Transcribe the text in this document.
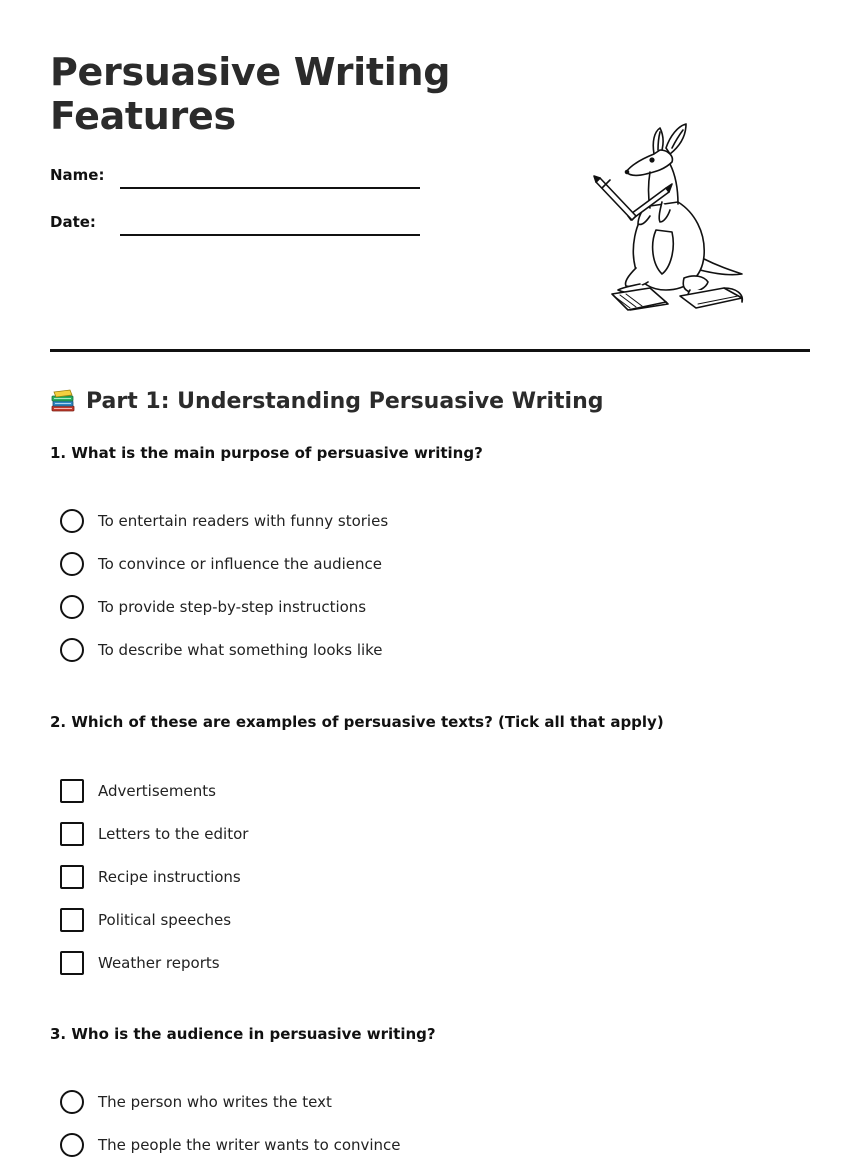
Persuasive Writing
Features
Name:
Date:
Part 1: Understanding Persuasive Writing

1. What is the main purpose of persuasive writing?

To entertain readers with funny stories
To convince or influence the audience
To provide step-by-step instructions
To describe what something looks like

2. Which of these are examples of persuasive texts? (Tick all that apply)

Advertisements
Letters to the editor
Recipe instructions
Political speeches
Weather reports

3. Who is the audience in persuasive writing?

The person who writes the text
The people the writer wants to convince
